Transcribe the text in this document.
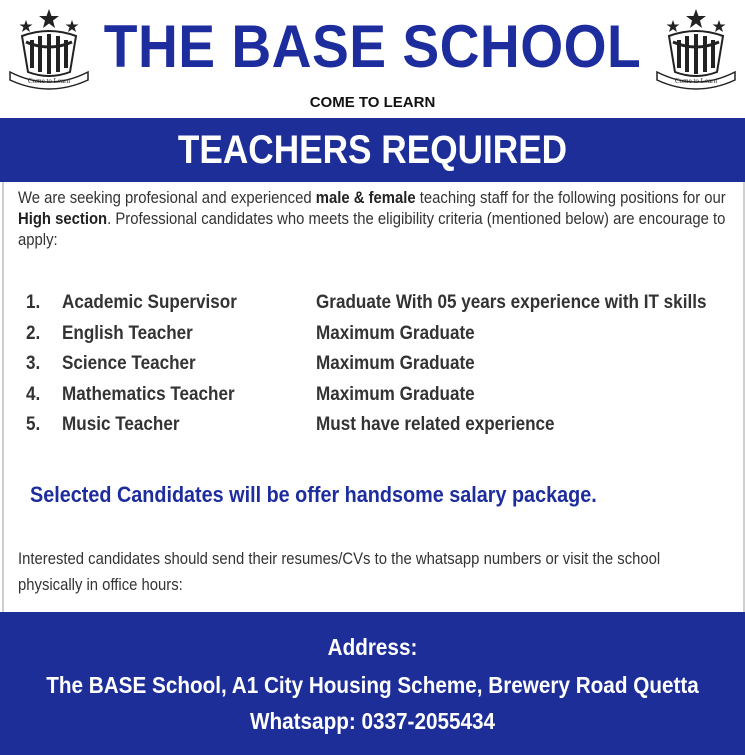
Come to Learn	Come to Learn
THE BASE SCHOOL
COME TO LEARN
TEACHERS REQUIRED
We are seeking profesional and experienced male & female teaching staff for the following positions for our High section. Professional candidates who meets the eligibility criteria (mentioned below) are encourage to apply:
1. Academic Supervisor	Graduate With 05 years experience with IT skills
2. English Teacher	Maximum Graduate
3. Science Teacher	Maximum Graduate
4. Mathematics Teacher	Maximum Graduate
5. Music Teacher	Must have related experience
Selected Candidates will be offer handsome salary package.
Interested candidates should send their resumes/CVs to the whatsapp numbers or visit the school physically in office hours:
Address:
The BASE School, A1 City Housing Scheme, Brewery Road Quetta
Whatsapp: 0337-2055434
